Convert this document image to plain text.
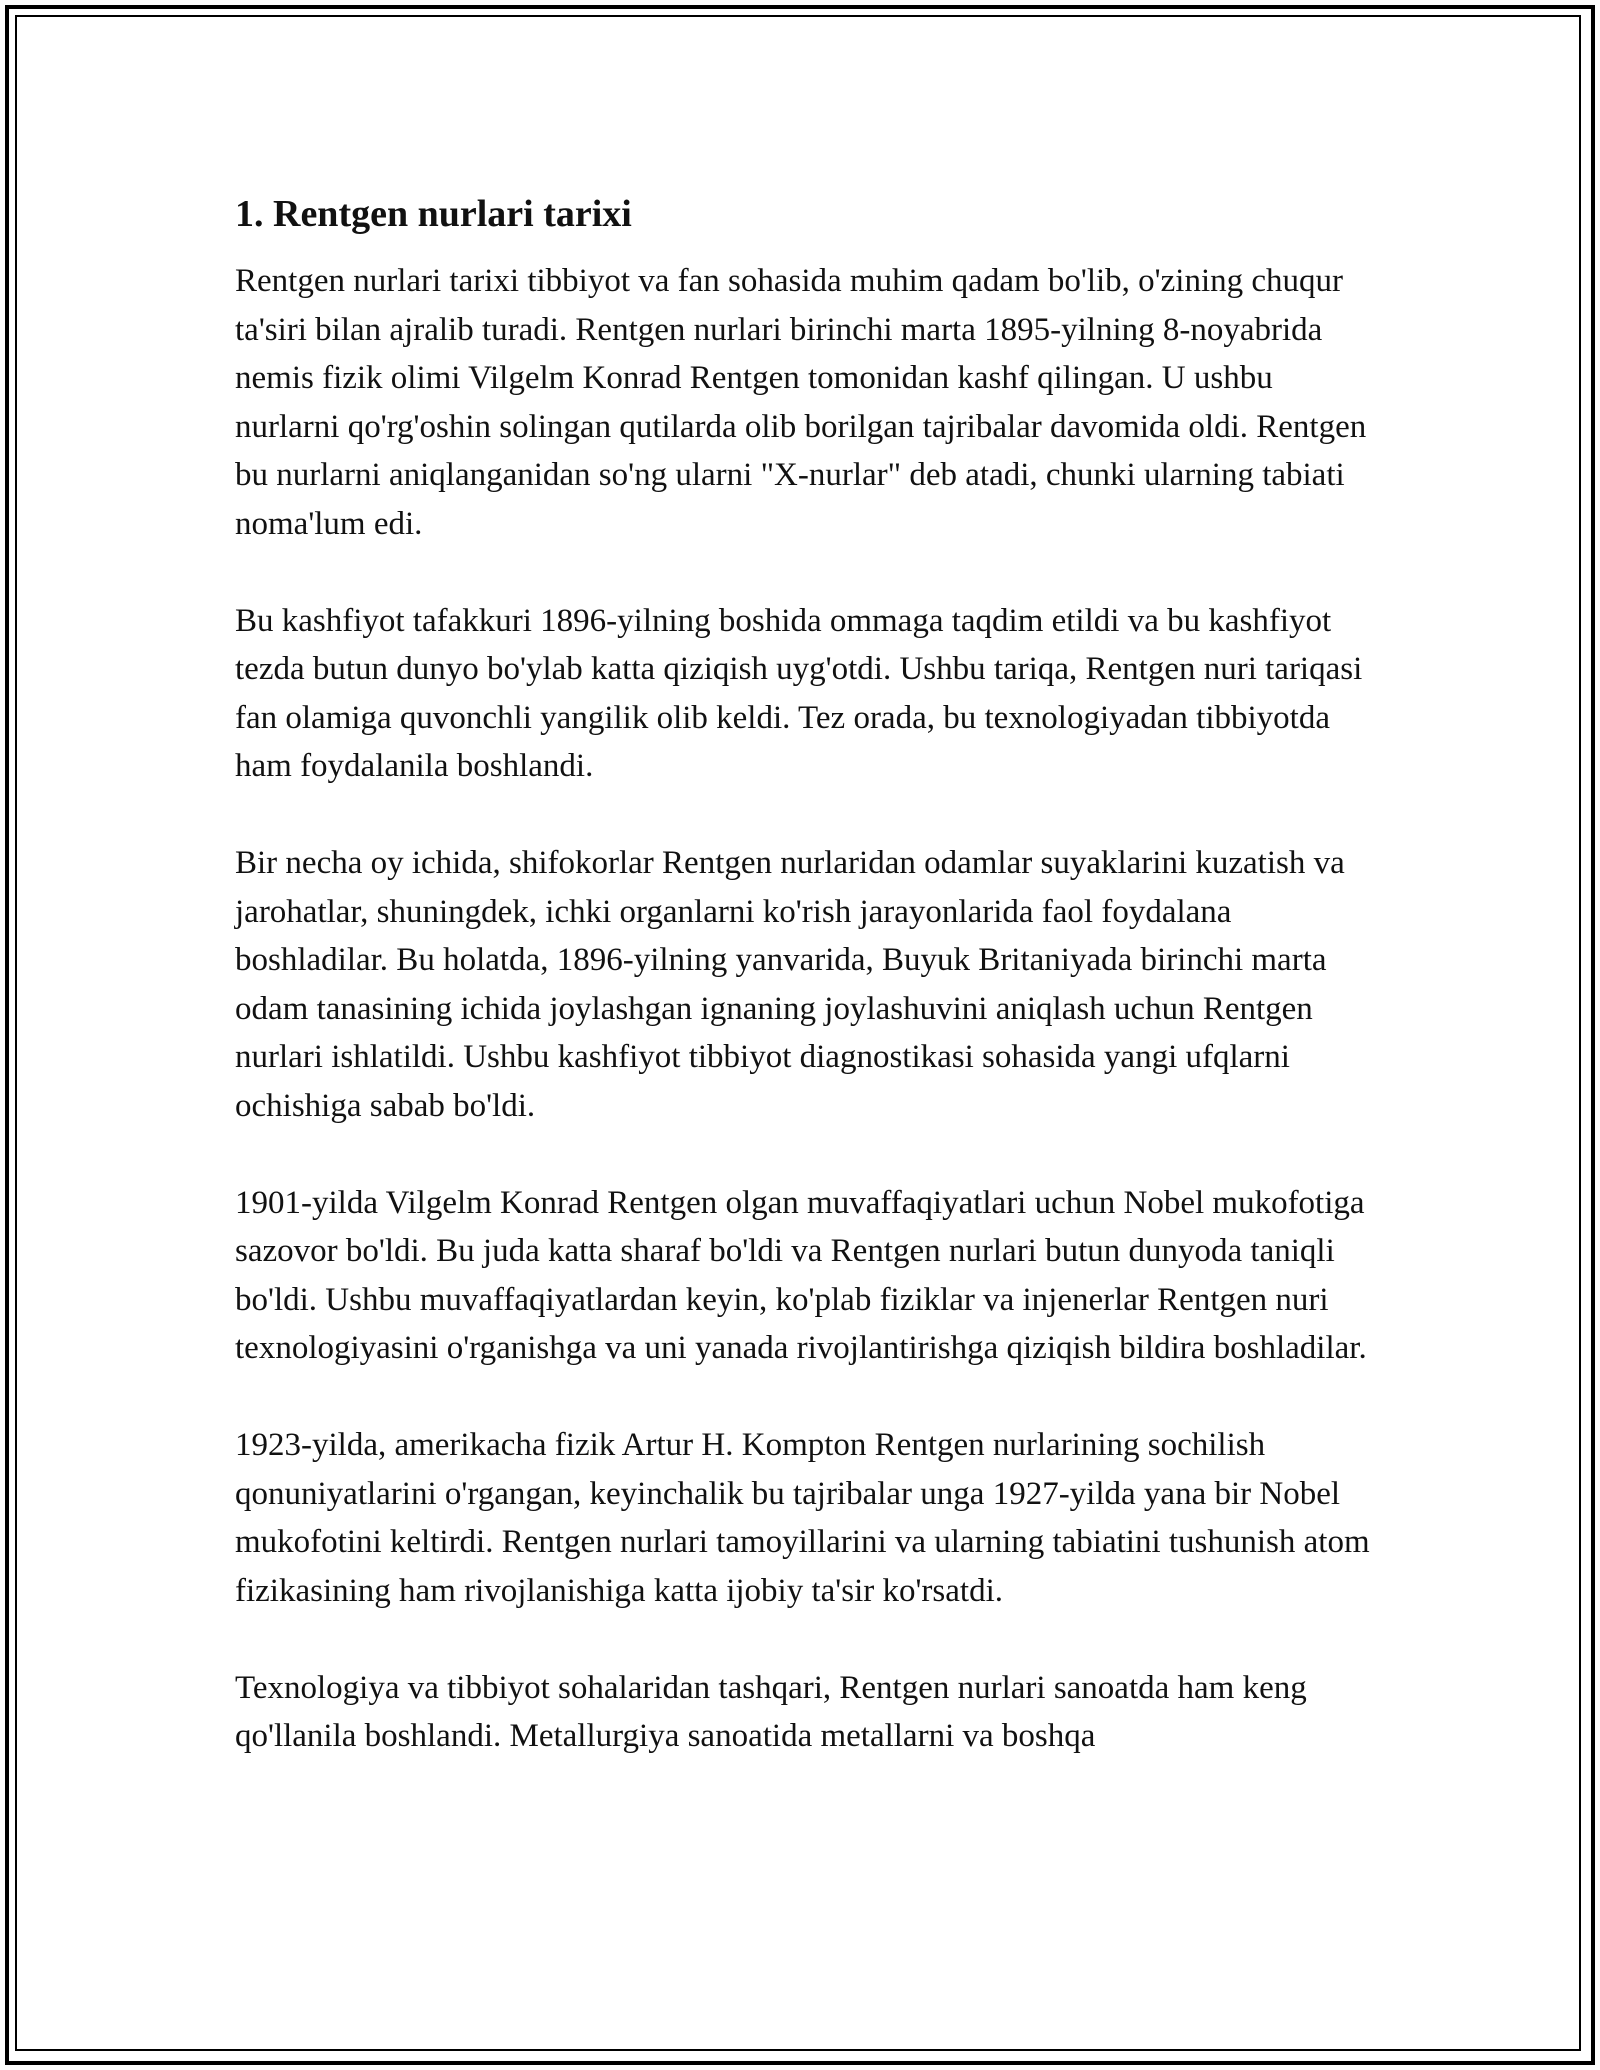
1. Rentgen nurlari tarixi

Rentgen nurlari tarixi tibbiyot va fan sohasida muhim qadam bo'lib, o'zining chuqur ta'siri bilan ajralib turadi. Rentgen nurlari birinchi marta 1895-yilning 8-noyabrida nemis fizik olimi Vilgelm Konrad Rentgen tomonidan kashf qilingan. U ushbu nurlarni qo'rg'oshin solingan qutilarda olib borilgan tajribalar davomida oldi. Rentgen bu nurlarni aniqlanganidan so'ng ularni "X-nurlar" deb atadi, chunki ularning tabiati noma'lum edi.

Bu kashfiyot tafakkuri 1896-yilning boshida ommaga taqdim etildi va bu kashfiyot tezda butun dunyo bo'ylab katta qiziqish uyg'otdi. Ushbu tariqa, Rentgen nuri tariqasi fan olamiga quvonchli yangilik olib keldi. Tez orada, bu texnologiyadan tibbiyotda ham foydalanila boshlandi.

Bir necha oy ichida, shifokorlar Rentgen nurlaridan odamlar suyaklarini kuzatish va jarohatlar, shuningdek, ichki organlarni ko'rish jarayonlarida faol foydalana boshladilar. Bu holatda, 1896-yilning yanvarida, Buyuk Britaniyada birinchi marta odam tanasining ichida joylashgan ignaning joylashuvini aniqlash uchun Rentgen nurlari ishlatildi. Ushbu kashfiyot tibbiyot diagnostikasi sohasida yangi ufqlarni ochishiga sabab bo'ldi.

1901-yilda Vilgelm Konrad Rentgen olgan muvaffaqiyatlari uchun Nobel mukofotiga sazovor bo'ldi. Bu juda katta sharaf bo'ldi va Rentgen nurlari butun dunyoda taniqli bo'ldi. Ushbu muvaffaqiyatlardan keyin, ko'plab fiziklar va injenerlar Rentgen nuri texnologiyasini o'rganishga va uni yanada rivojlantirishga qiziqish bildira boshladilar.

1923-yilda, amerikacha fizik Artur H. Kompton Rentgen nurlarining sochilish qonuniyatlarini o'rgangan, keyinchalik bu tajribalar unga 1927-yilda yana bir Nobel mukofotini keltirdi. Rentgen nurlari tamoyillarini va ularning tabiatini tushunish atom fizikasining ham rivojlanishiga katta ijobiy ta'sir ko'rsatdi.

Texnologiya va tibbiyot sohalaridan tashqari, Rentgen nurlari sanoatda ham keng qo'llanila boshlandi. Metallurgiya sanoatida metallarni va boshqa
